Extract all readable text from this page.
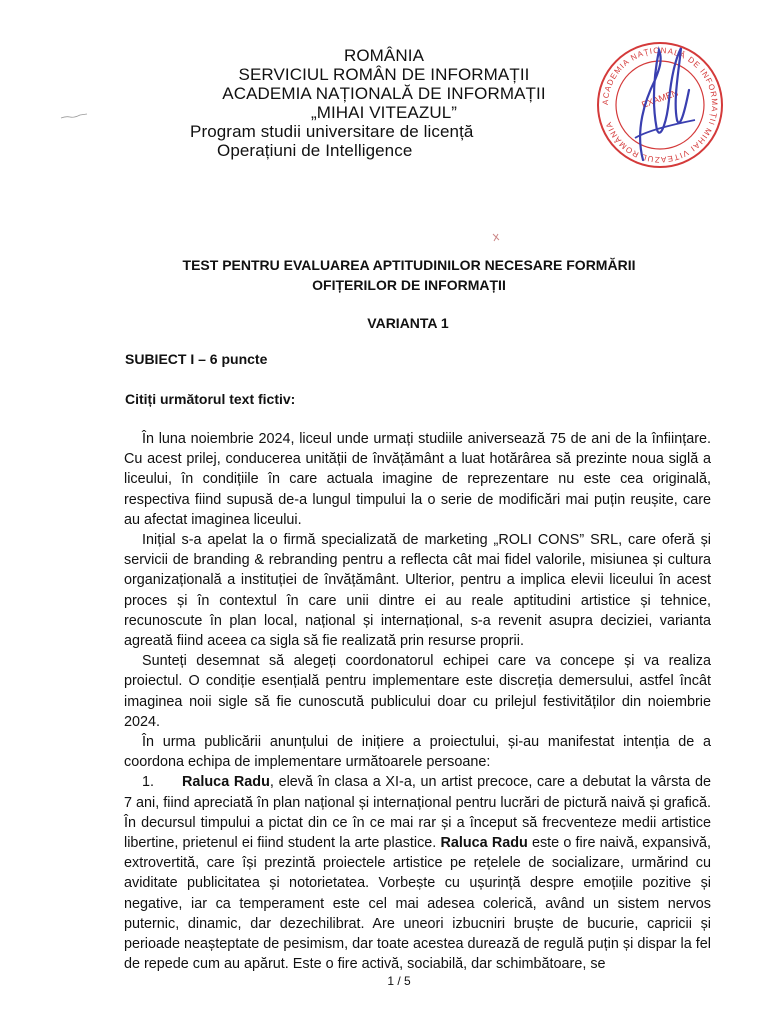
ROMÂNIA
SERVICIUL ROMÂN DE INFORMAȚII
ACADEMIA NAȚIONALĂ DE INFORMAȚII
„MIHAI VITEAZUL”
Program studii universitare de licență
Operațiuni de Intelligence
ACADEMIA NAȚIONALĂ DE INFORMAȚII MIHAI VITEAZUL ROMÂNIA
EXAMEN
TEST PENTRU EVALUAREA APTITUDINILOR NECESARE FORMĂRII
OFIȚERILOR DE INFORMAȚII
VARIANTA 1
SUBIECT I – 6 puncte
Citiți următorul text fictiv:

În luna noiembrie 2024, liceul unde urmați studiile aniversează 75 de ani de la înființare. Cu acest prilej, conducerea unității de învățământ a luat hotărârea să prezinte noua siglă a liceului, în condițiile în care actuala imagine de reprezentare nu este cea originală, respectiva fiind supusă de-a lungul timpului la o serie de modificări mai puțin reușite, care au afectat imaginea liceului.

Inițial s-a apelat la o firmă specializată de marketing „ROLI CONS” SRL, care oferă și servicii de branding & rebranding pentru a reflecta cât mai fidel valorile, misiunea și cultura organizațională a instituției de învățământ. Ulterior, pentru a implica elevii liceului în acest proces și în contextul în care unii dintre ei au reale aptitudini artistice și tehnice, recunoscute în plan local, național și internațional, s-a revenit asupra deciziei, varianta agreată fiind aceea ca sigla să fie realizată prin resurse proprii.

Sunteți desemnat să alegeți coordonatorul echipei care va concepe și va realiza proiectul. O condiție esențială pentru implementare este discreția demersului, astfel încât imaginea noii sigle să fie cunoscută publicului doar cu prilejul festivităților din noiembrie 2024.

În urma publicării anunțului de inițiere a proiectului, și-au manifestat intenția de a coordona echipa de implementare următoarele persoane:

1. Raluca Radu, elevă în clasa a XI-a, un artist precoce, care a debutat la vârsta de 7 ani, fiind apreciată în plan național și internațional pentru lucrări de pictură naivă și grafică. În decursul timpului a pictat din ce în ce mai rar și a început să frecventeze medii artistice libertine, prietenul ei fiind student la arte plastice. Raluca Radu este o fire naivă, expansivă, extrovertită, care își prezintă proiectele artistice pe rețelele de socializare, urmărind cu aviditate publicitatea și notorietatea. Vorbește cu ușurință despre emoțiile pozitive și negative, iar ca temperament este cel mai adesea colerică, având un sistem nervos puternic, dinamic, dar dezechilibrat. Are uneori izbucniri bruște de bucurie, capricii și perioade neașteptate de pesimism, dar toate acestea durează de regulă puțin și dispar la fel de repede cum au apărut. Este o fire activă, sociabilă, dar schimbătoare, se

1 / 5
